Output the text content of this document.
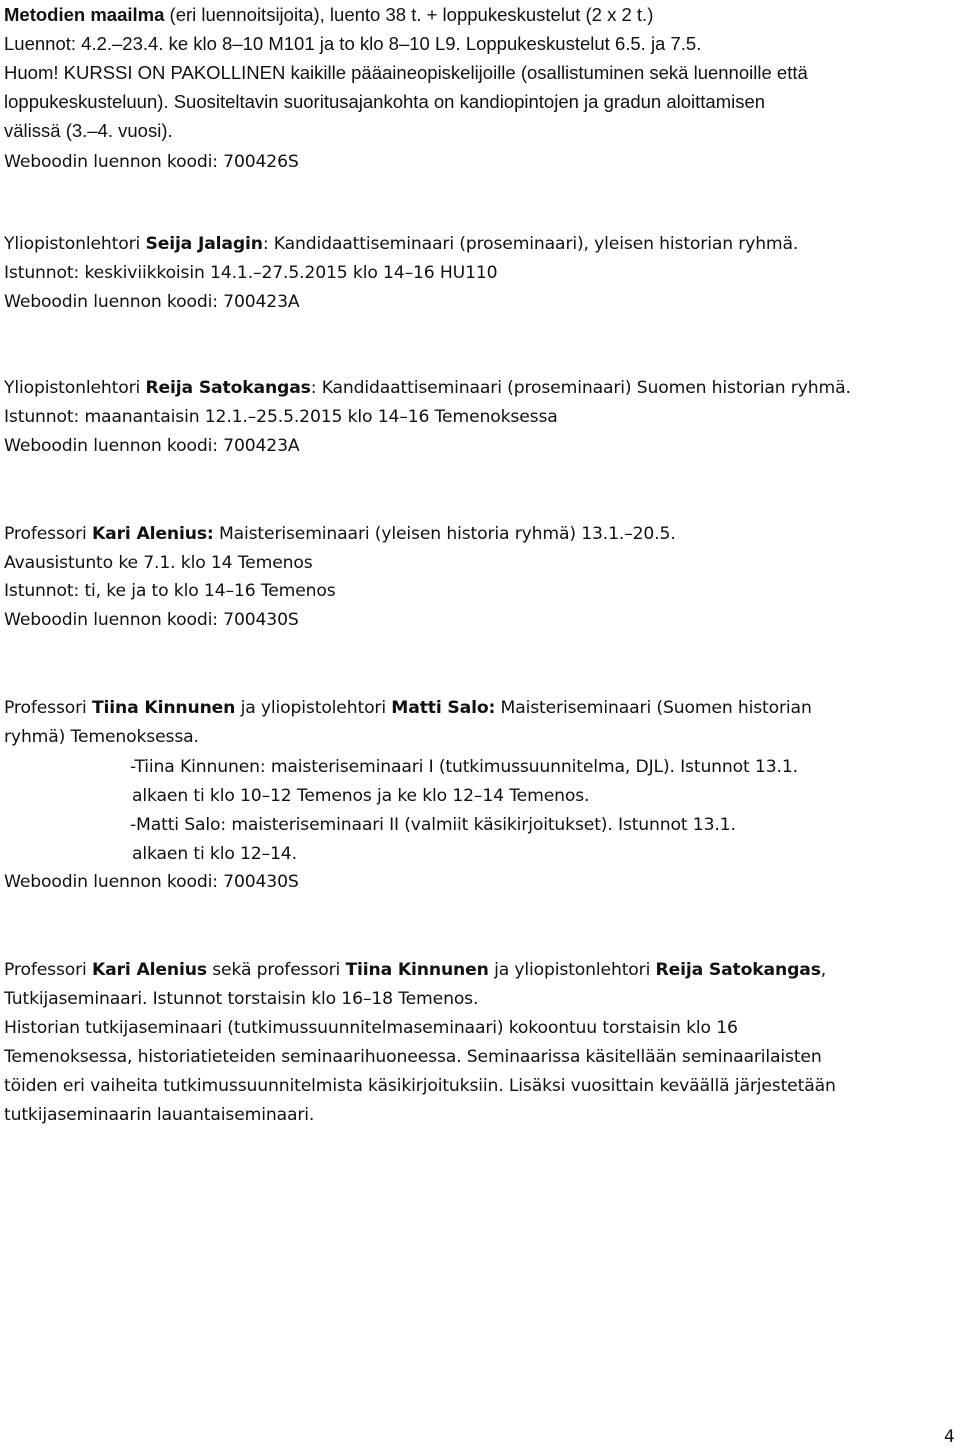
Metodien maailma (eri luennoitsijoita), luento 38 t. + loppukeskustelut (2 x 2 t.)
Luennot: 4.2.–23.4. ke klo 8–10 M101 ja to klo 8–10 L9. Loppukeskustelut 6.5. ja 7.5.
Huom! KURSSI ON PAKOLLINEN kaikille pääaineopiskelijoille (osallistuminen sekä luennoille että
loppukeskusteluun). Suositeltavin suoritusajankohta on kandiopintojen ja gradun aloittamisen
välissä (3.–4. vuosi).
Weboodin luennon koodi: 700426S
Yliopistonlehtori Seija Jalagin: Kandidaattiseminaari (proseminaari), yleisen historian ryhmä.
Istunnot: keskiviikkoisin 14.1.–27.5.2015 klo 14–16 HU110
Weboodin luennon koodi: 700423A
Yliopistonlehtori Reija Satokangas: Kandidaattiseminaari (proseminaari) Suomen historian ryhmä.
Istunnot: maanantaisin 12.1.–25.5.2015 klo 14–16 Temenoksessa
Weboodin luennon koodi: 700423A
Professori Kari Alenius: Maisteriseminaari (yleisen historia ryhmä) 13.1.–20.5.
Avausistunto ke 7.1. klo 14 Temenos
Istunnot: ti, ke ja to klo 14–16 Temenos
Weboodin luennon koodi: 700430S
Professori Tiina Kinnunen ja yliopistolehtori Matti Salo: Maisteriseminaari (Suomen historian
ryhmä) Temenoksessa.
-Tiina Kinnunen: maisteriseminaari I (tutkimussuunnitelma, DJL). Istunnot 13.1.
alkaen ti klo 10–12 Temenos ja ke klo 12–14 Temenos.
-Matti Salo: maisteriseminaari II (valmiit käsikirjoitukset). Istunnot 13.1.
alkaen ti klo 12–14.
Weboodin luennon koodi: 700430S
Professori Kari Alenius sekä professori Tiina Kinnunen ja yliopistonlehtori Reija Satokangas,
Tutkijaseminaari. Istunnot torstaisin klo 16–18 Temenos.
Historian tutkijaseminaari (tutkimussuunnitelmaseminaari) kokoontuu torstaisin klo 16
Temenoksessa, historiatieteiden seminaarihuoneessa. Seminaarissa käsitellään seminaarilaisten
töiden eri vaiheita tutkimussuunnitelmista käsikirjoituksiin. Lisäksi vuosittain keväällä järjestetään
tutkijaseminaarin lauantaiseminaari.
4
